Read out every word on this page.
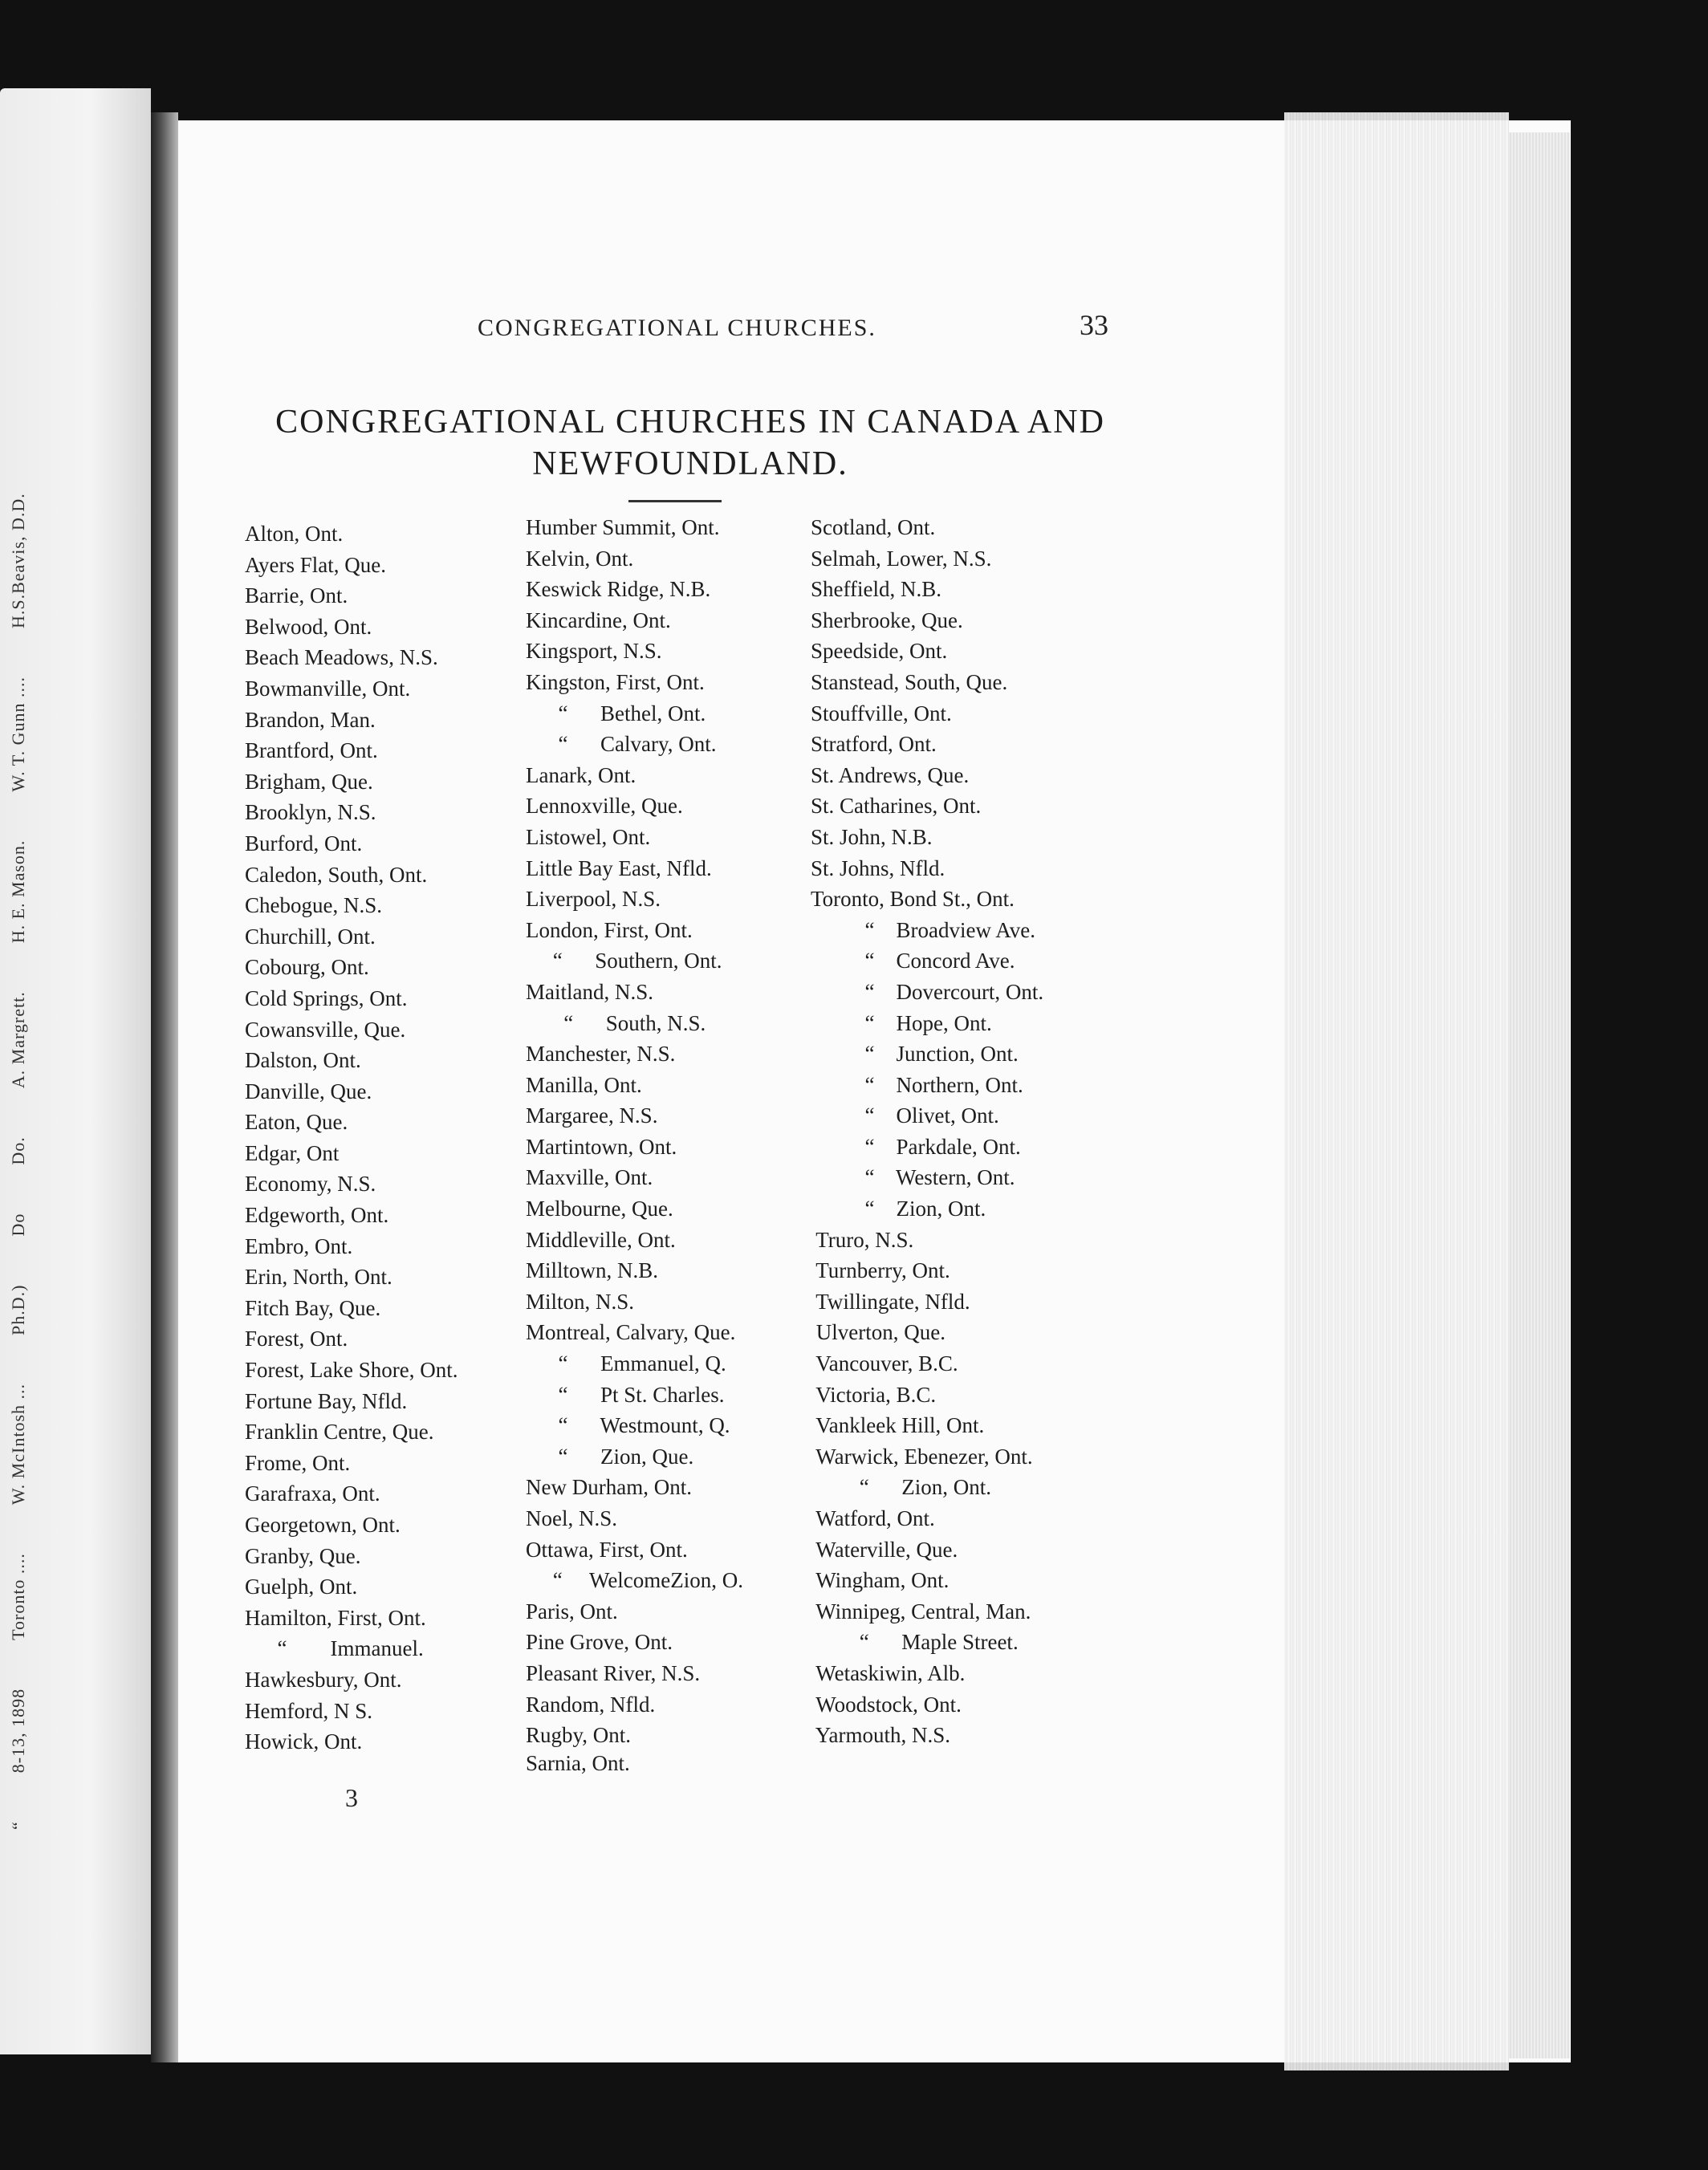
“8-13, 1898Toronto ....W. McIntosh ...Ph.D.)DoDo.A. Margrett.H. E. Mason.W. T. Gunn ....H.S.Beavis, D.D.
CONGREGATIONAL CHURCHES.	33
CONGREGATIONAL CHURCHES IN CANADA AND
NEWFOUNDLAND.
Alton, Ont.
Ayers Flat, Que.
Barrie, Ont.
Belwood, Ont.
Beach Meadows, N.S.
Bowmanville, Ont.
Brandon, Man.
Brantford, Ont.
Brigham, Que.
Brooklyn, N.S.
Burford, Ont.
Caledon, South, Ont.
Chebogue, N.S.
Churchill, Ont.
Cobourg, Ont.
Cold Springs, Ont.
Cowansville, Que.
Dalston, Ont.
Danville, Que.
Eaton, Que.
Edgar, Ont
Economy, N.S.
Edgeworth, Ont.
Embro, Ont.
Erin, North, Ont.
Fitch Bay, Que.
Forest, Ont.
Forest, Lake Shore, Ont.
Fortune Bay, Nfld.
Franklin Centre, Que.
Frome, Ont.
Garafraxa, Ont.
Georgetown, Ont.
Granby, Que.
Guelph, Ont.
Hamilton, First, Ont.
“        Immanuel.
Hawkesbury, Ont.
Hemford, N S.
Howick, Ont.
Humber Summit, Ont.
Kelvin, Ont.
Keswick Ridge, N.B.
Kincardine, Ont.
Kingsport, N.S.
Kingston, First, Ont.
“      Bethel, Ont.
“      Calvary, Ont.
Lanark, Ont.
Lennoxville, Que.
Listowel, Ont.
Little Bay East, Nfld.
Liverpool, N.S.
London, First, Ont.
“      Southern, Ont.
Maitland, N.S.
“      South, N.S.
Manchester, N.S.
Manilla, Ont.
Margaree, N.S.
Martintown, Ont.
Maxville, Ont.
Melbourne, Que.
Middleville, Ont.
Milltown, N.B.
Milton, N.S.
Montreal, Calvary, Que.
“      Emmanuel, Q.
“      Pt St. Charles.
“      Westmount, Q.
“      Zion, Que.
New Durham, Ont.
Noel, N.S.
Ottawa, First, Ont.
“     WelcomeZion, O.
Paris, Ont.
Pine Grove, Ont.
Pleasant River, N.S.
Random, Nfld.
Rugby, Ont.
Sarnia, Ont.
Scotland, Ont.
Selmah, Lower, N.S.
Sheffield, N.B.
Sherbrooke, Que.
Speedside, Ont.
Stanstead, South, Que.
Stouffville, Ont.
Stratford, Ont.
St. Andrews, Que.
St. Catharines, Ont.
St. John, N.B.
St. Johns, Nfld.
Toronto, Bond St., Ont.
“    Broadview Ave.
“    Concord Ave.
“    Dovercourt, Ont.
“    Hope, Ont.
“    Junction, Ont.
“    Northern, Ont.
“    Olivet, Ont.
“    Parkdale, Ont.
“    Western, Ont.
“    Zion, Ont.
Truro, N.S.
Turnberry, Ont.
Twillingate, Nfld.
Ulverton, Que.
Vancouver, B.C.
Victoria, B.C.
Vankleek Hill, Ont.
Warwick, Ebenezer, Ont.
“      Zion, Ont.
Watford, Ont.
Waterville, Que.
Wingham, Ont.
Winnipeg, Central, Man.
“      Maple Street.
Wetaskiwin, Alb.
Woodstock, Ont.
Yarmouth, N.S.
3
